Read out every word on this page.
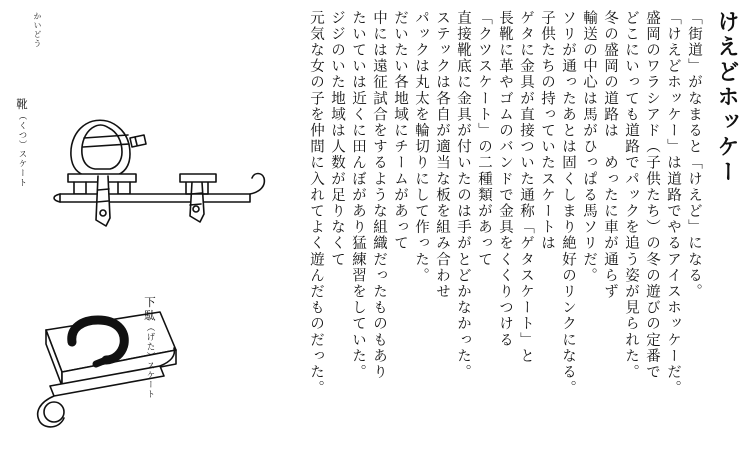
靴（くつ）スケート
下駄（げた）スケート	元気な女の子を仲間に入れてよく遊んだものだった。 ジジのいた地域は人数が足りなくて たいていは近くに田んぼがあり猛練習をしていた。 中には遠征試合をするような組織だったものもあり だいたい各地域にチームがあって パックは丸太を輪切りにして作った。 ステックは各自が適当な板を組み合わせ 直接靴底に金具が付いたのは手がとどかなかった。 「クツスケート」の二種類があって 長靴に革やゴムのバンドで金具をくくりつける ゲタに金具が直接ついた通称「ゲタスケート」と 子供たちの持っていたスケートは ソリが通ったあとは固くしまり絶好のリンクになる。 輸送の中心は馬がひっぱる馬ソリだ。 冬の盛岡の道路は　めったに車が通らず どこにいっても道路でパックを追う姿が見られた。 盛岡のワラシアド（子供たち）の冬の遊びの定番で 「けえどホッケー」は道路でやるアイスホッケーだ。 「街道」がなまると「けえど」になる。 けえどホッケー
かいどう
